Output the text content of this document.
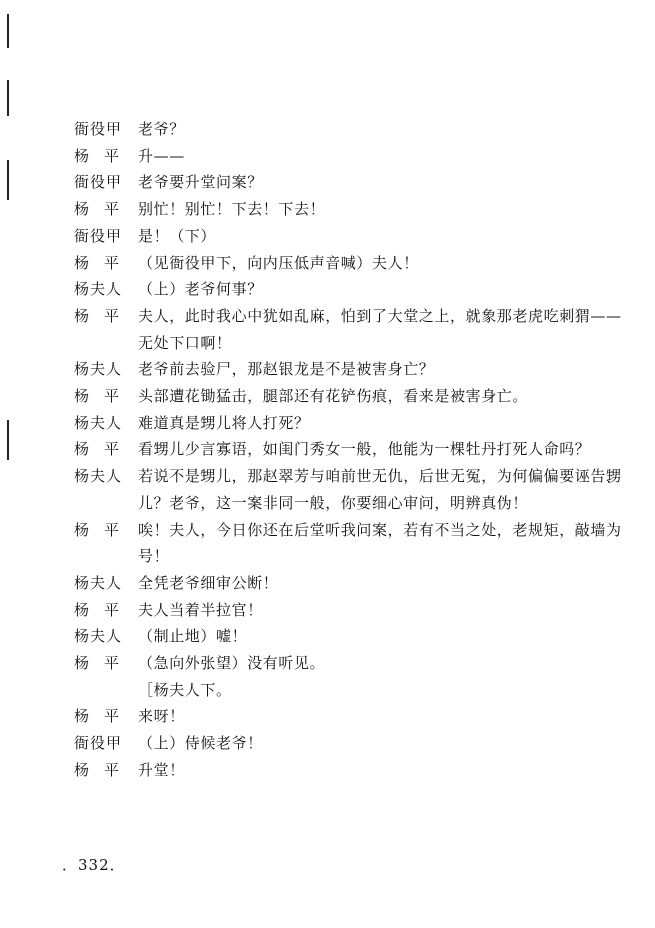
衙役甲	老爷？
杨　平	升——
衙役甲	老爷要升堂问案？
杨　平	别忙！别忙！下去！下去！
衙役甲	是！（下）
杨　平	（见衙役甲下，向内压低声音喊）夫人！
杨夫人	（上）老爷何事？
杨　平	夫人，此时我心中犹如乱麻，怕到了大堂之上，就象那老虎吃刺猬——无处下口啊！
杨夫人	老爷前去验尸，那赵银龙是不是被害身亡？
杨　平	头部遭花锄猛击，腿部还有花铲伤痕，看来是被害身亡。
杨夫人	难道真是甥儿将人打死？
杨　平	看甥儿少言寡语，如闺门秀女一般，他能为一棵牡丹打死人命吗？
杨夫人	若说不是甥儿，那赵翠芳与咱前世无仇，后世无冤，为何偏偏要诬告甥儿？老爷，这一案非同一般，你要细心审问，明辨真伪！
杨　平	唉！夫人，今日你还在后堂听我问案，若有不当之处，老规矩，敲墙为号！
杨夫人	全凭老爷细审公断！
杨　平	夫人当着半拉官！
杨夫人	（制止地）嘘！
杨　平	（急向外张望）没有听见。
［杨夫人下。
杨　平	来呀！
衙役甲	（上）侍候老爷！
杨　平	升堂！
．332．
